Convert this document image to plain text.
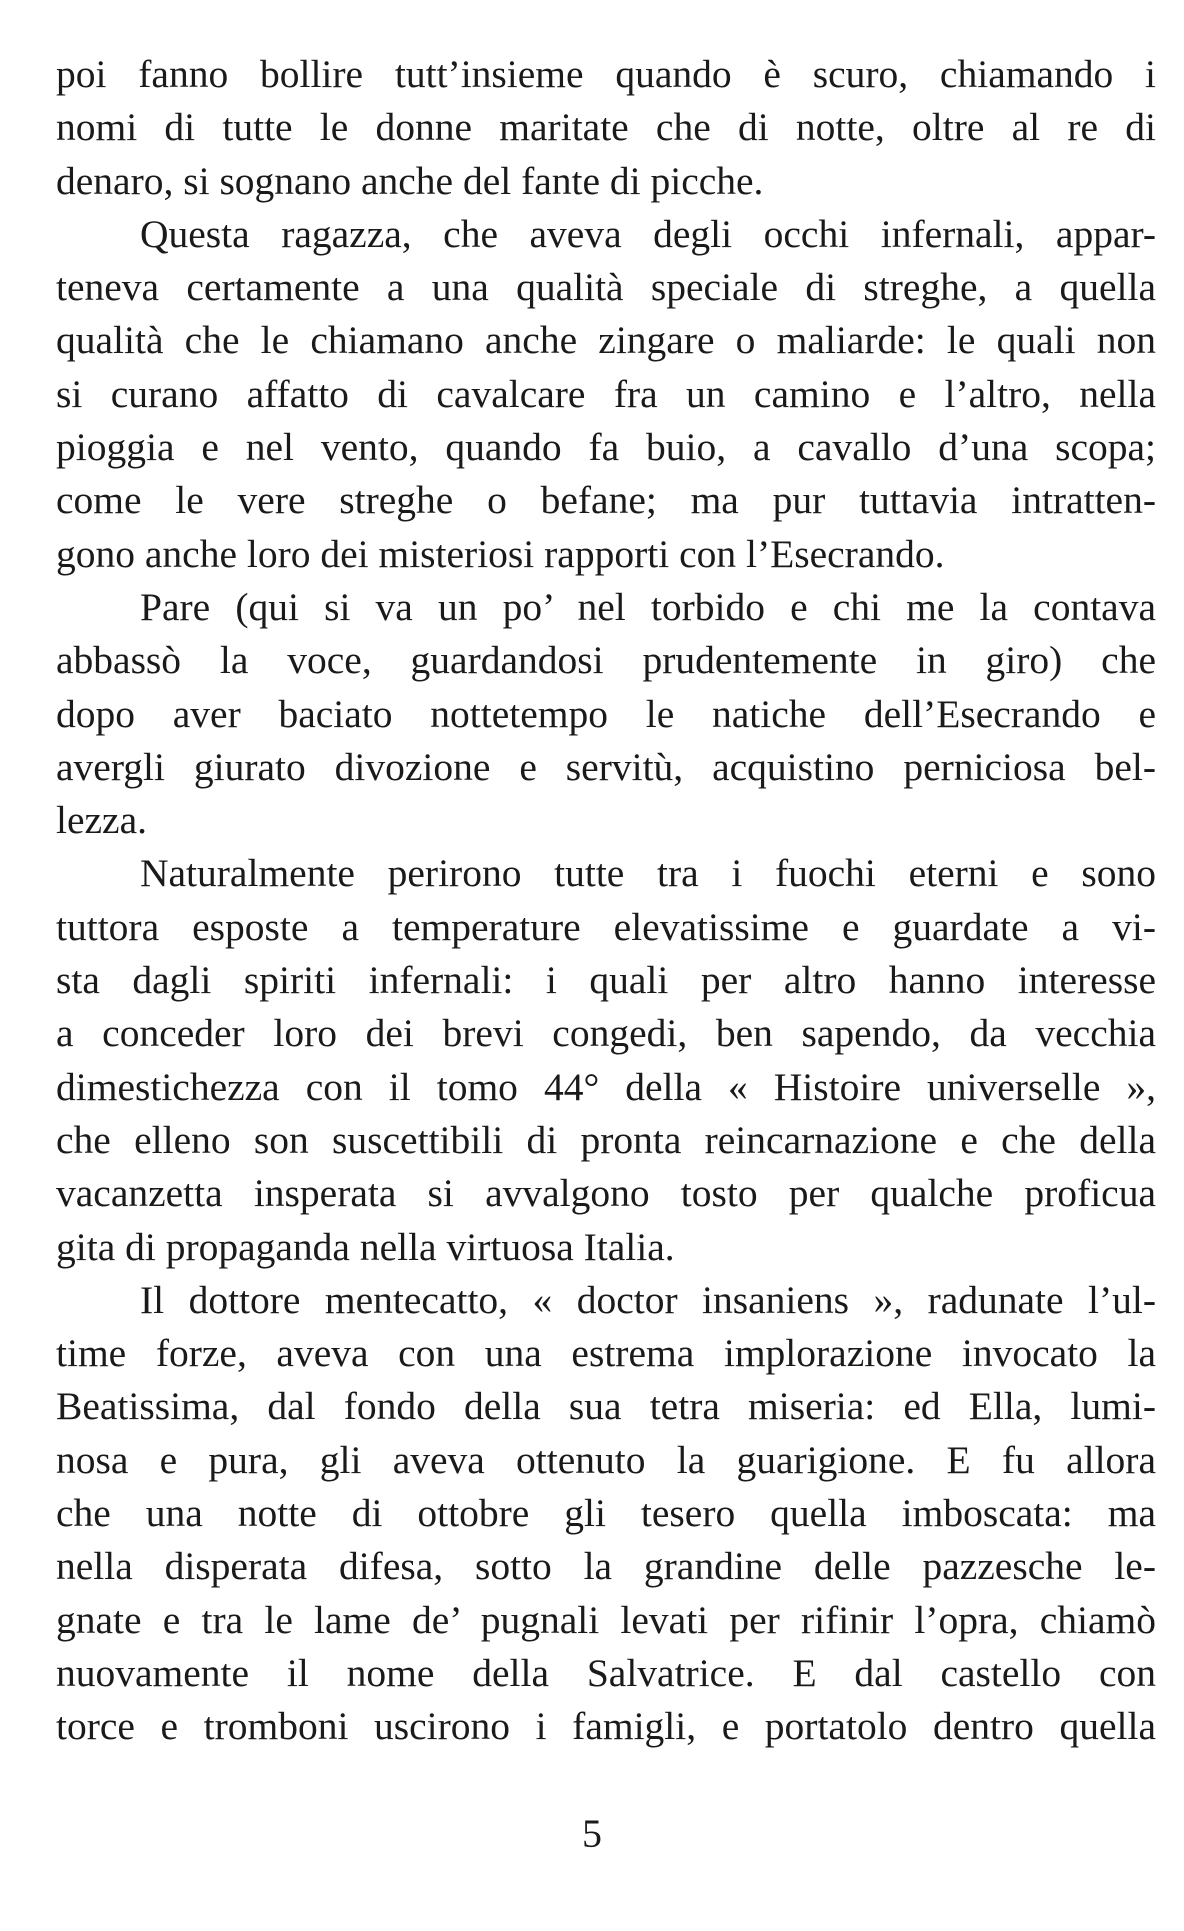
poi fanno bollire tutt’insieme quando è scuro, chiamando i
nomi di tutte le donne maritate che di notte, oltre al re di
denaro, si sognano anche del fante di picche.
Questa ragazza, che aveva degli occhi infernali, appar-
teneva certamente a una qualità speciale di streghe, a quella
qualità che le chiamano anche zingare o maliarde: le quali non
si curano affatto di cavalcare fra un camino e l’altro, nella
pioggia e nel vento, quando fa buio, a cavallo d’una scopa;
come le vere streghe o befane; ma pur tuttavia intratten-
gono anche loro dei misteriosi rapporti con l’Esecrando.
Pare (qui si va un po’ nel torbido e chi me la contava
abbassò la voce, guardandosi prudentemente in giro) che
dopo aver baciato nottetempo le natiche dell’Esecrando e
avergli giurato divozione e servitù, acquistino perniciosa bel-
lezza.
Naturalmente perirono tutte tra i fuochi eterni e sono
tuttora esposte a temperature elevatissime e guardate a vi-
sta dagli spiriti infernali: i quali per altro hanno interesse
a conceder loro dei brevi congedi, ben sapendo, da vecchia
dimestichezza con il tomo 44° della « Histoire universelle »,
che elleno son suscettibili di pronta reincarnazione e che della
vacanzetta insperata si avvalgono tosto per qualche proficua
gita di propaganda nella virtuosa Italia.
Il dottore mentecatto, « doctor insaniens », radunate l’ul-
time forze, aveva con una estrema implorazione invocato la
Beatissima, dal fondo della sua tetra miseria: ed Ella, lumi-
nosa e pura, gli aveva ottenuto la guarigione. E fu allora
che una notte di ottobre gli tesero quella imboscata: ma
nella disperata difesa, sotto la grandine delle pazzesche le-
gnate e tra le lame de’ pugnali levati per rifinir l’opra, chiamò
nuovamente il nome della Salvatrice. E dal castello con
torce e tromboni uscirono i famigli, e portatolo dentro quella
5
